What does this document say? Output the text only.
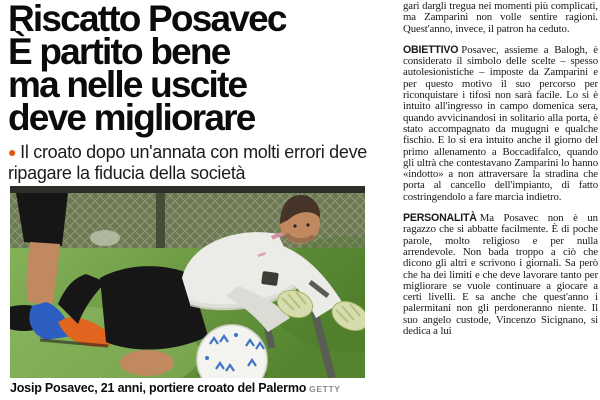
Riscatto Posavec
È partito bene
ma nelle uscite
deve migliorare

● Il croato dopo un'annata con molti errori deve ripagare la fiducia della società

Josip Posavec, 21 anni, portiere croato del Palermo GETTY

gari dargli tregua nei momenti più complicati, ma Zamparini non volle sentire ragioni. Quest'anno, invece, il patron ha ceduto.

OBIETTIVO Posavec, assieme a Balogh, è considerato il simbolo delle scelte – spesso autolesionistiche – imposte da Zamparini e per questo motivo il suo percorso per riconquistare i tifosi non sarà facile. Lo si è intuito all'ingresso in campo domenica sera, quando avvicinandosi in solitario alla porta, è stato accompagnato da mugugni e qualche fischio. E lo si era intuito anche il giorno del primo allenamento a Boccadifalco, quando gli ultrà che contestavano Zamparini lo hanno «indotto» a non attraversare la stradina che porta al cancello dell'impianto, di fatto costringendolo a fare marcia indietro.

PERSONALITÀ Ma Posavec non è un ragazzo che si abbatte facilmente. È di poche parole, molto religioso e per nulla arrendevole. Non bada troppo a ciò che dicono gli altri e scrivono i giornali. Sa però che ha dei limiti e che deve lavorare tanto per migliorare se vuole continuare a giocare a certi livelli. E sa anche che quest'anno i palermitani non gli perdoneranno niente. Il suo angelo custode, Vincenzo Sicignano, si dedica a lui
